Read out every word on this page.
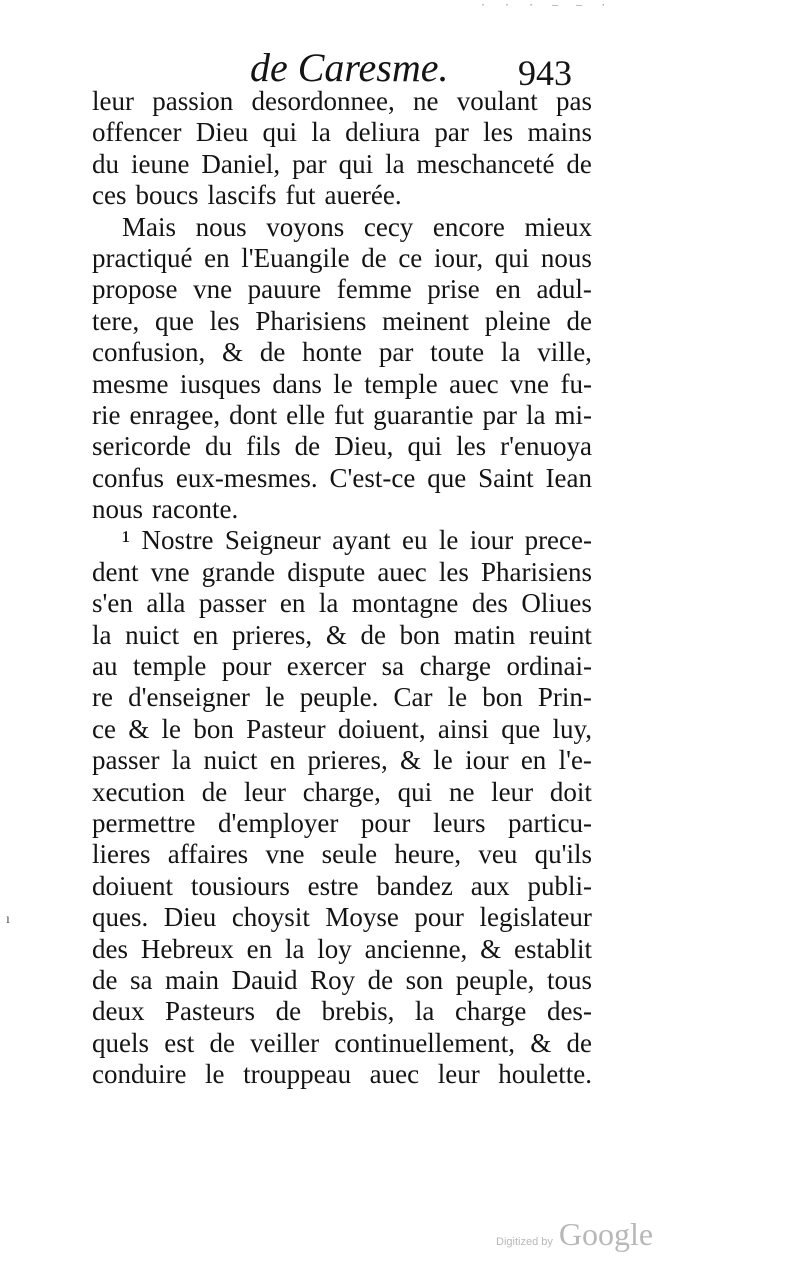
· · · — — ·
de Caresme. 943
leur passion desordonnee, ne voulant pas
offencer Dieu qui la deliura par les mains
du ieune Daniel, par qui la meschanceté de
ces boucs lascifs fut auerée.
Mais nous voyons cecy encore mieux
practiqué en l'Euangile de ce iour, qui nous
propose vne pauure femme prise en adul-
tere, que les Pharisiens meinent pleine de
confusion, & de honte par toute la ville,
mesme iusques dans le temple auec vne fu-
rie enragee, dont elle fut guarantie par la mi-
sericorde du fils de Dieu, qui les r'enuoya
confus eux-mesmes. C'est-ce que Saint Iean
nous raconte.
¹ Nostre Seigneur ayant eu le iour prece-
dent vne grande dispute auec les Pharisiens
s'en alla passer en la montagne des Oliues
la nuict en prieres, & de bon matin reuint
au temple pour exercer sa charge ordinai-
re d'enseigner le peuple. Car le bon Prin-
ce & le bon Pasteur doiuent, ainsi que luy,
passer la nuict en prieres, & le iour en l'e-
xecution de leur charge, qui ne leur doit
permettre d'employer pour leurs particu-
lieres affaires vne seule heure, veu qu'ils
doiuent tousiours estre bandez aux publi-
ques. Dieu choysit Moyse pour legislateur
des Hebreux en la loy ancienne, & establit
de sa main Dauid Roy de son peuple, tous
deux Pasteurs de brebis, la charge des-
quels est de veiller continuellement, & de
conduire le trouppeau auec leur houlette.
ı
Digitized by Google
